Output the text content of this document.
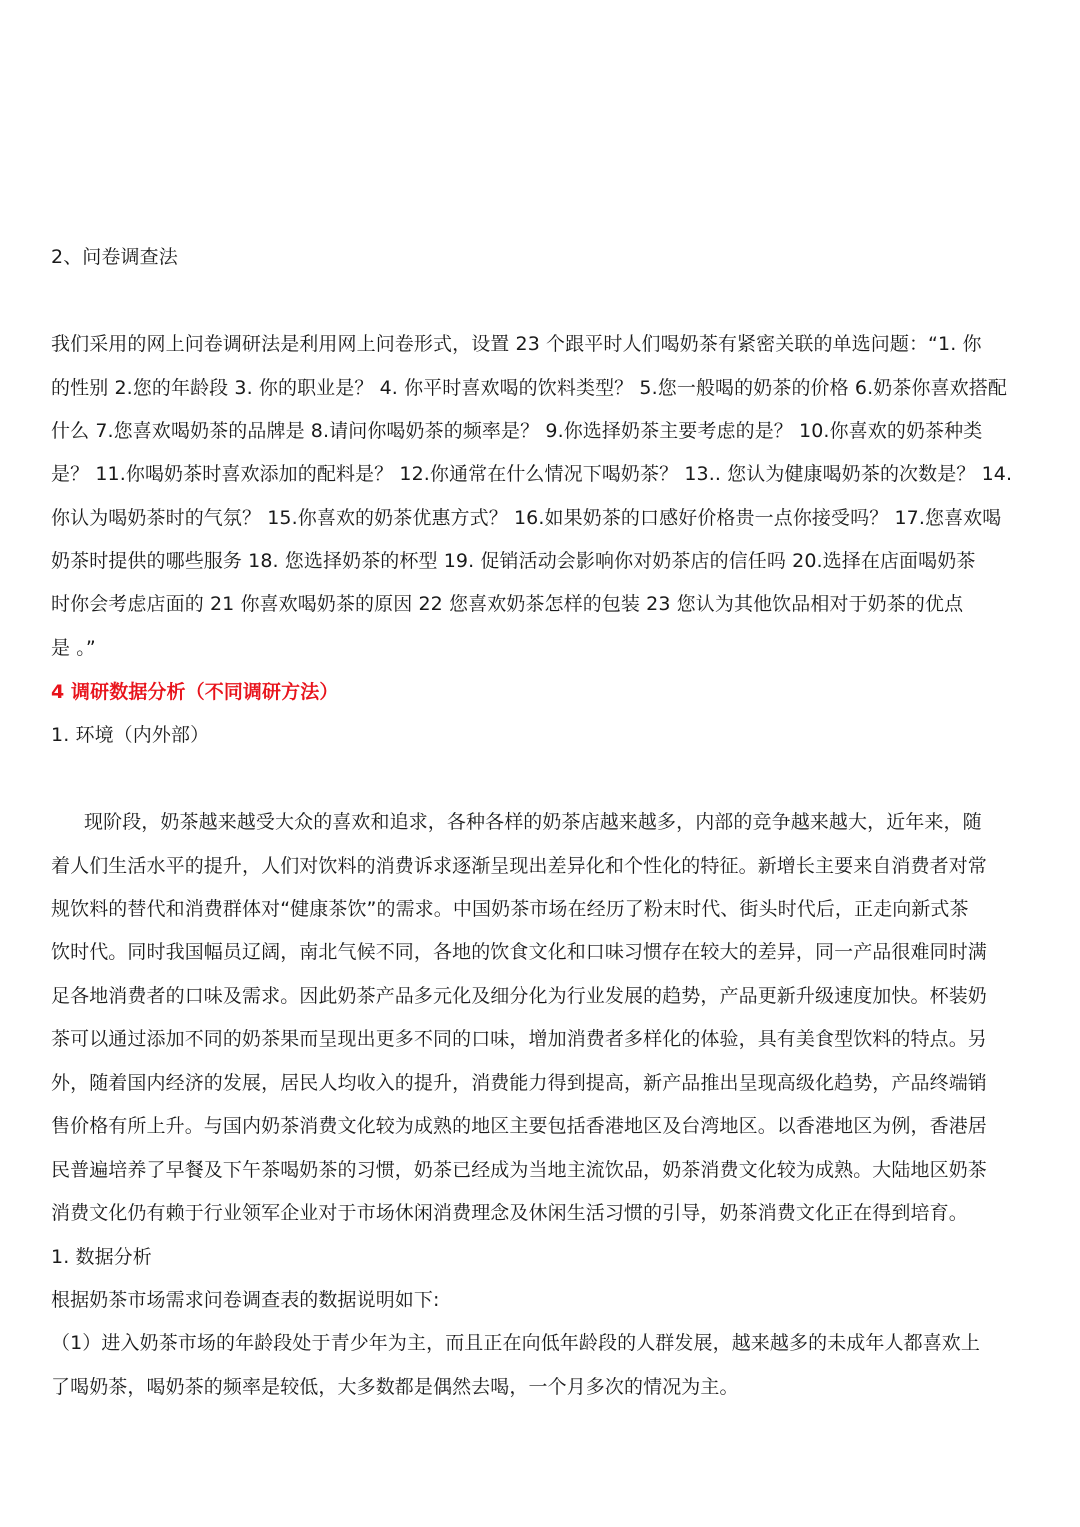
2、问卷调查法
我们采用的网上问卷调研法是利用网上问卷形式，设置 23 个跟平时人们喝奶茶有紧密关联的单选问题：“1. 你
的性别 2.您的年龄段 3. 你的职业是？ 4. 你平时喜欢喝的饮料类型？ 5.您一般喝的奶茶的价格 6.奶茶你喜欢搭配
什么 7.您喜欢喝奶茶的品牌是 8.请问你喝奶茶的频率是？ 9.你选择奶茶主要考虑的是？ 10.你喜欢的奶茶种类
是？ 11.你喝奶茶时喜欢添加的配料是？ 12.你通常在什么情况下喝奶茶？ 13.. 您认为健康喝奶茶的次数是？ 14.
你认为喝奶茶时的气氛？ 15.你喜欢的奶茶优惠方式？ 16.如果奶茶的口感好价格贵一点你接受吗？ 17.您喜欢喝
奶茶时提供的哪些服务 18. 您选择奶茶的杯型 19. 促销活动会影响你对奶茶店的信任吗 20.选择在店面喝奶茶
时你会考虑店面的 21 你喜欢喝奶茶的原因 22 您喜欢奶茶怎样的包装 23 您认为其他饮品相对于奶茶的优点
是 。”
4 调研数据分析（不同调研方法）
1. 环境（内外部）
现阶段，奶茶越来越受大众的喜欢和追求，各种各样的奶茶店越来越多，内部的竞争越来越大，近年来，随
着人们生活水平的提升，人们对饮料的消费诉求逐渐呈现出差异化和个性化的特征。新增长主要来自消费者对常
规饮料的替代和消费群体对“健康茶饮”的需求。中国奶茶市场在经历了粉末时代、街头时代后，正走向新式茶
饮时代。同时我国幅员辽阔，南北气候不同，各地的饮食文化和口味习惯存在较大的差异，同一产品很难同时满
足各地消费者的口味及需求。因此奶茶产品多元化及细分化为行业发展的趋势，产品更新升级速度加快。杯装奶
茶可以通过添加不同的奶茶果而呈现出更多不同的口味，增加消费者多样化的体验，具有美食型饮料的特点。另
外，随着国内经济的发展，居民人均收入的提升，消费能力得到提高，新产品推出呈现高级化趋势，产品终端销
售价格有所上升。与国内奶茶消费文化较为成熟的地区主要包括香港地区及台湾地区。以香港地区为例，香港居
民普遍培养了早餐及下午茶喝奶茶的习惯，奶茶已经成为当地主流饮品，奶茶消费文化较为成熟。大陆地区奶茶
消费文化仍有赖于行业领军企业对于市场休闲消费理念及休闲生活习惯的引导，奶茶消费文化正在得到培育。
1. 数据分析
根据奶茶市场需求问卷调查表的数据说明如下:
（1）进入奶茶市场的年龄段处于青少年为主，而且正在向低年龄段的人群发展，越来越多的未成年人都喜欢上
了喝奶茶，喝奶茶的频率是较低，大多数都是偶然去喝，一个月多次的情况为主。
